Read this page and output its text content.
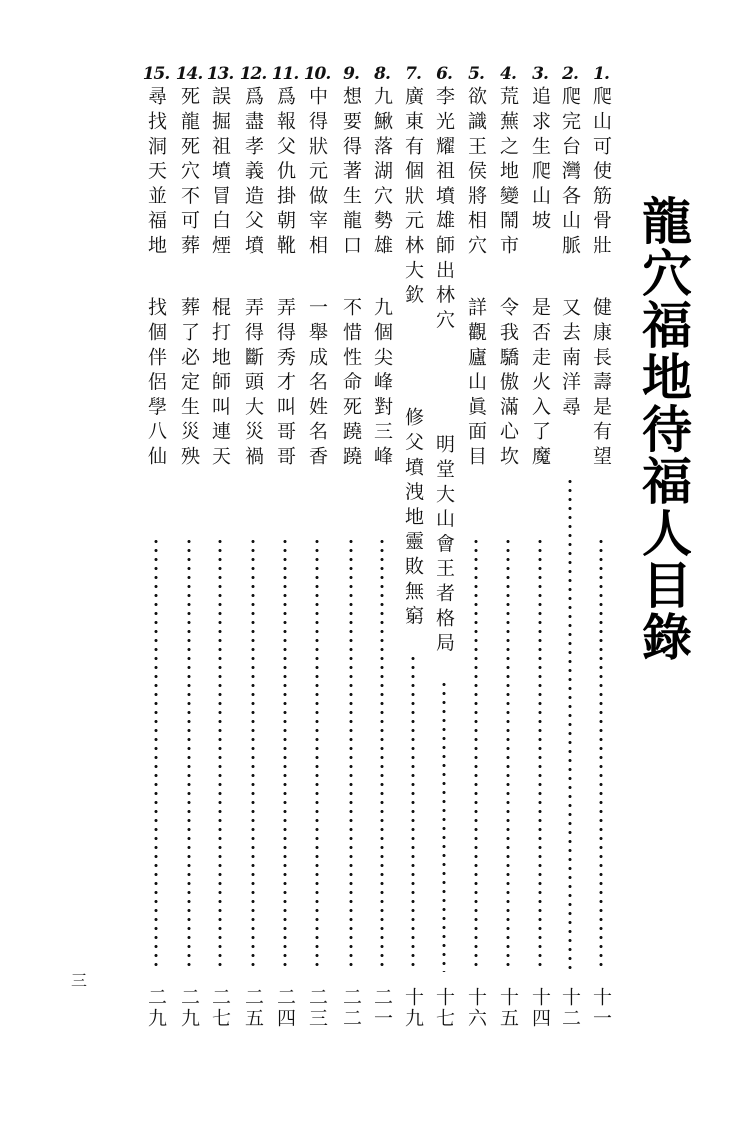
龍穴福地待福人目錄
1.
爬山可使筋骨壯
健康長壽是有望
十一
2.
爬完台灣各山脈
又去南洋尋
十二
3.
追求生爬山坡
是否走火入了魔
十四
4.
荒蕪之地變鬧市
令我驕傲滿心坎
十五
5.
欲識王侯將相穴
詳觀廬山眞面目
十六
6.
李光耀祖墳雄師出林穴
明堂大山會王者格局
十七
7.
廣東有個狀元林大欽
修父墳洩地靈敗無窮
十九
8.
九鰍落湖穴勢雄
九個尖峰對三峰
二一
9.
想要得著生龍口
不惜性命死蹺蹺
二二
10.
中得狀元做宰相
一舉成名姓名香
二三
11.
爲報父仇掛朝靴
弄得秀才叫哥哥
二四
12.
爲盡孝義造父墳
弄得斷頭大災禍
二五
13.
誤掘祖墳冒白煙
棍打地師叫連天
二七
14.
死龍死穴不可葬
葬了必定生災殃
二九
15.
尋找洞天並福地
找個伴侶學八仙
二九
三
